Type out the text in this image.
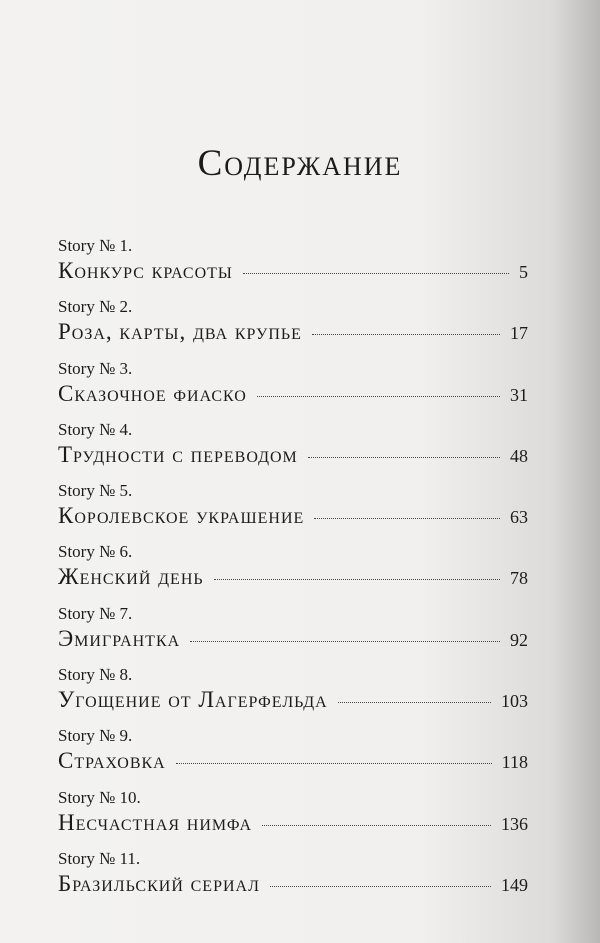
Содержание
Story № 1.
Конкурс красоты	5
Story № 2.
Роза, карты, два крупье	17
Story № 3.
Сказочное фиаско	31
Story № 4.
Трудности с переводом	48
Story № 5.
Королевское украшение	63
Story № 6.
Женский день	78
Story № 7.
Эмигрантка	92
Story № 8.
Угощение от Лагерфельда	103
Story № 9.
Страховка	118
Story № 10.
Несчастная нимфа	136
Story № 11.
Бразильский сериал	149
